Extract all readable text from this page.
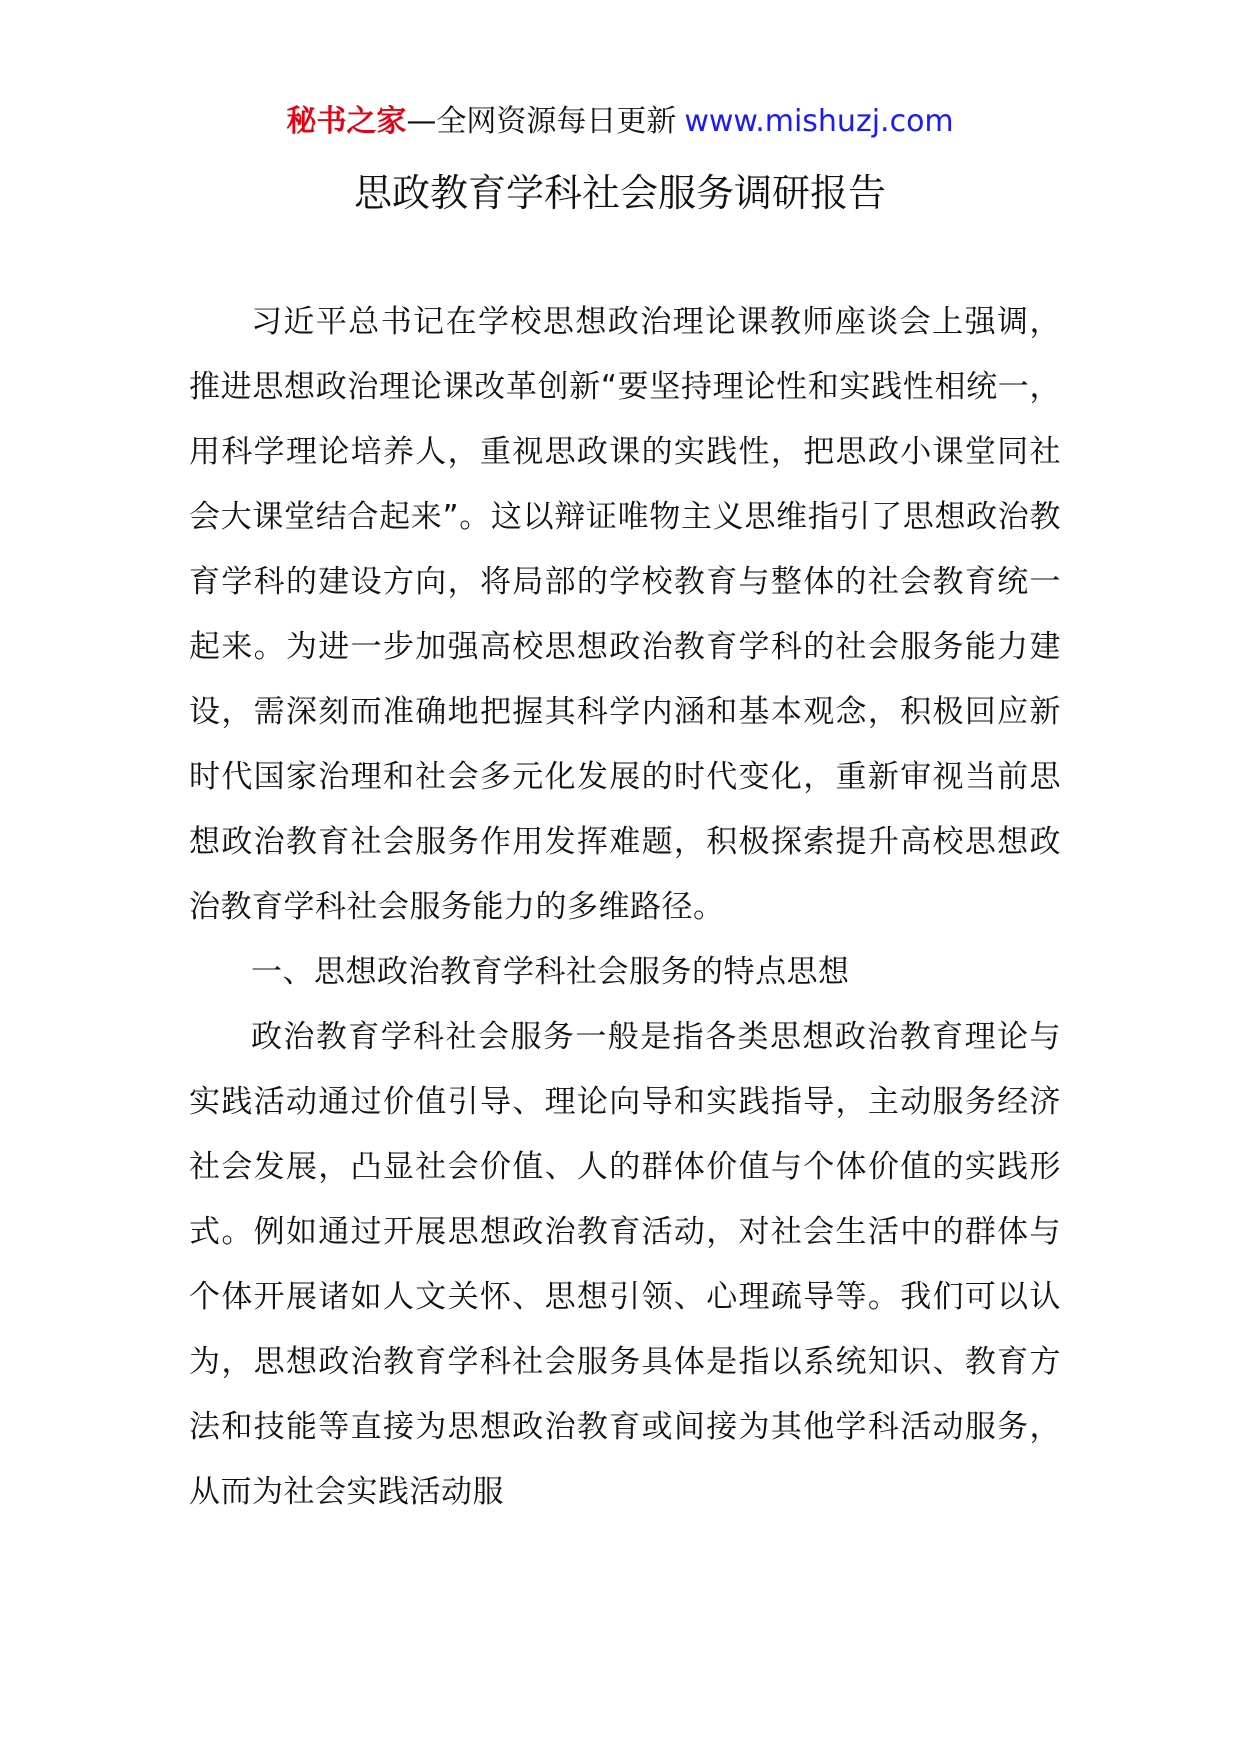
秘书之家—全网资源每日更新 www.mishuzj.com
思政教育学科社会服务调研报告

习近平总书记在学校思想政治理论课教师座谈会上强调，推进思想政治理论课改革创新“要坚持理论性和实践性相统一，用科学理论培养人，重视思政课的实践性，把思政小课堂同社会大课堂结合起来”。这以辩证唯物主义思维指引了思想政治教育学科的建设方向，将局部的学校教育与整体的社会教育统一起来。为进一步加强高校思想政治教育学科的社会服务能力建设，需深刻而准确地把握其科学内涵和基本观念，积极回应新时代国家治理和社会多元化发展的时代变化，重新审视当前思想政治教育社会服务作用发挥难题，积极探索提升高校思想政治教育学科社会服务能力的多维路径。

一、思想政治教育学科社会服务的特点思想

政治教育学科社会服务一般是指各类思想政治教育理论与实践活动通过价值引导、理论向导和实践指导，主动服务经济社会发展，凸显社会价值、人的群体价值与个体价值的实践形式。例如通过开展思想政治教育活动，对社会生活中的群体与个体开展诸如人文关怀、思想引领、心理疏导等。我们可以认为，思想政治教育学科社会服务具体是指以系统知识、教育方法和技能等直接为思想政治教育或间接为其他学科活动服务，从而为社会实践活动服
